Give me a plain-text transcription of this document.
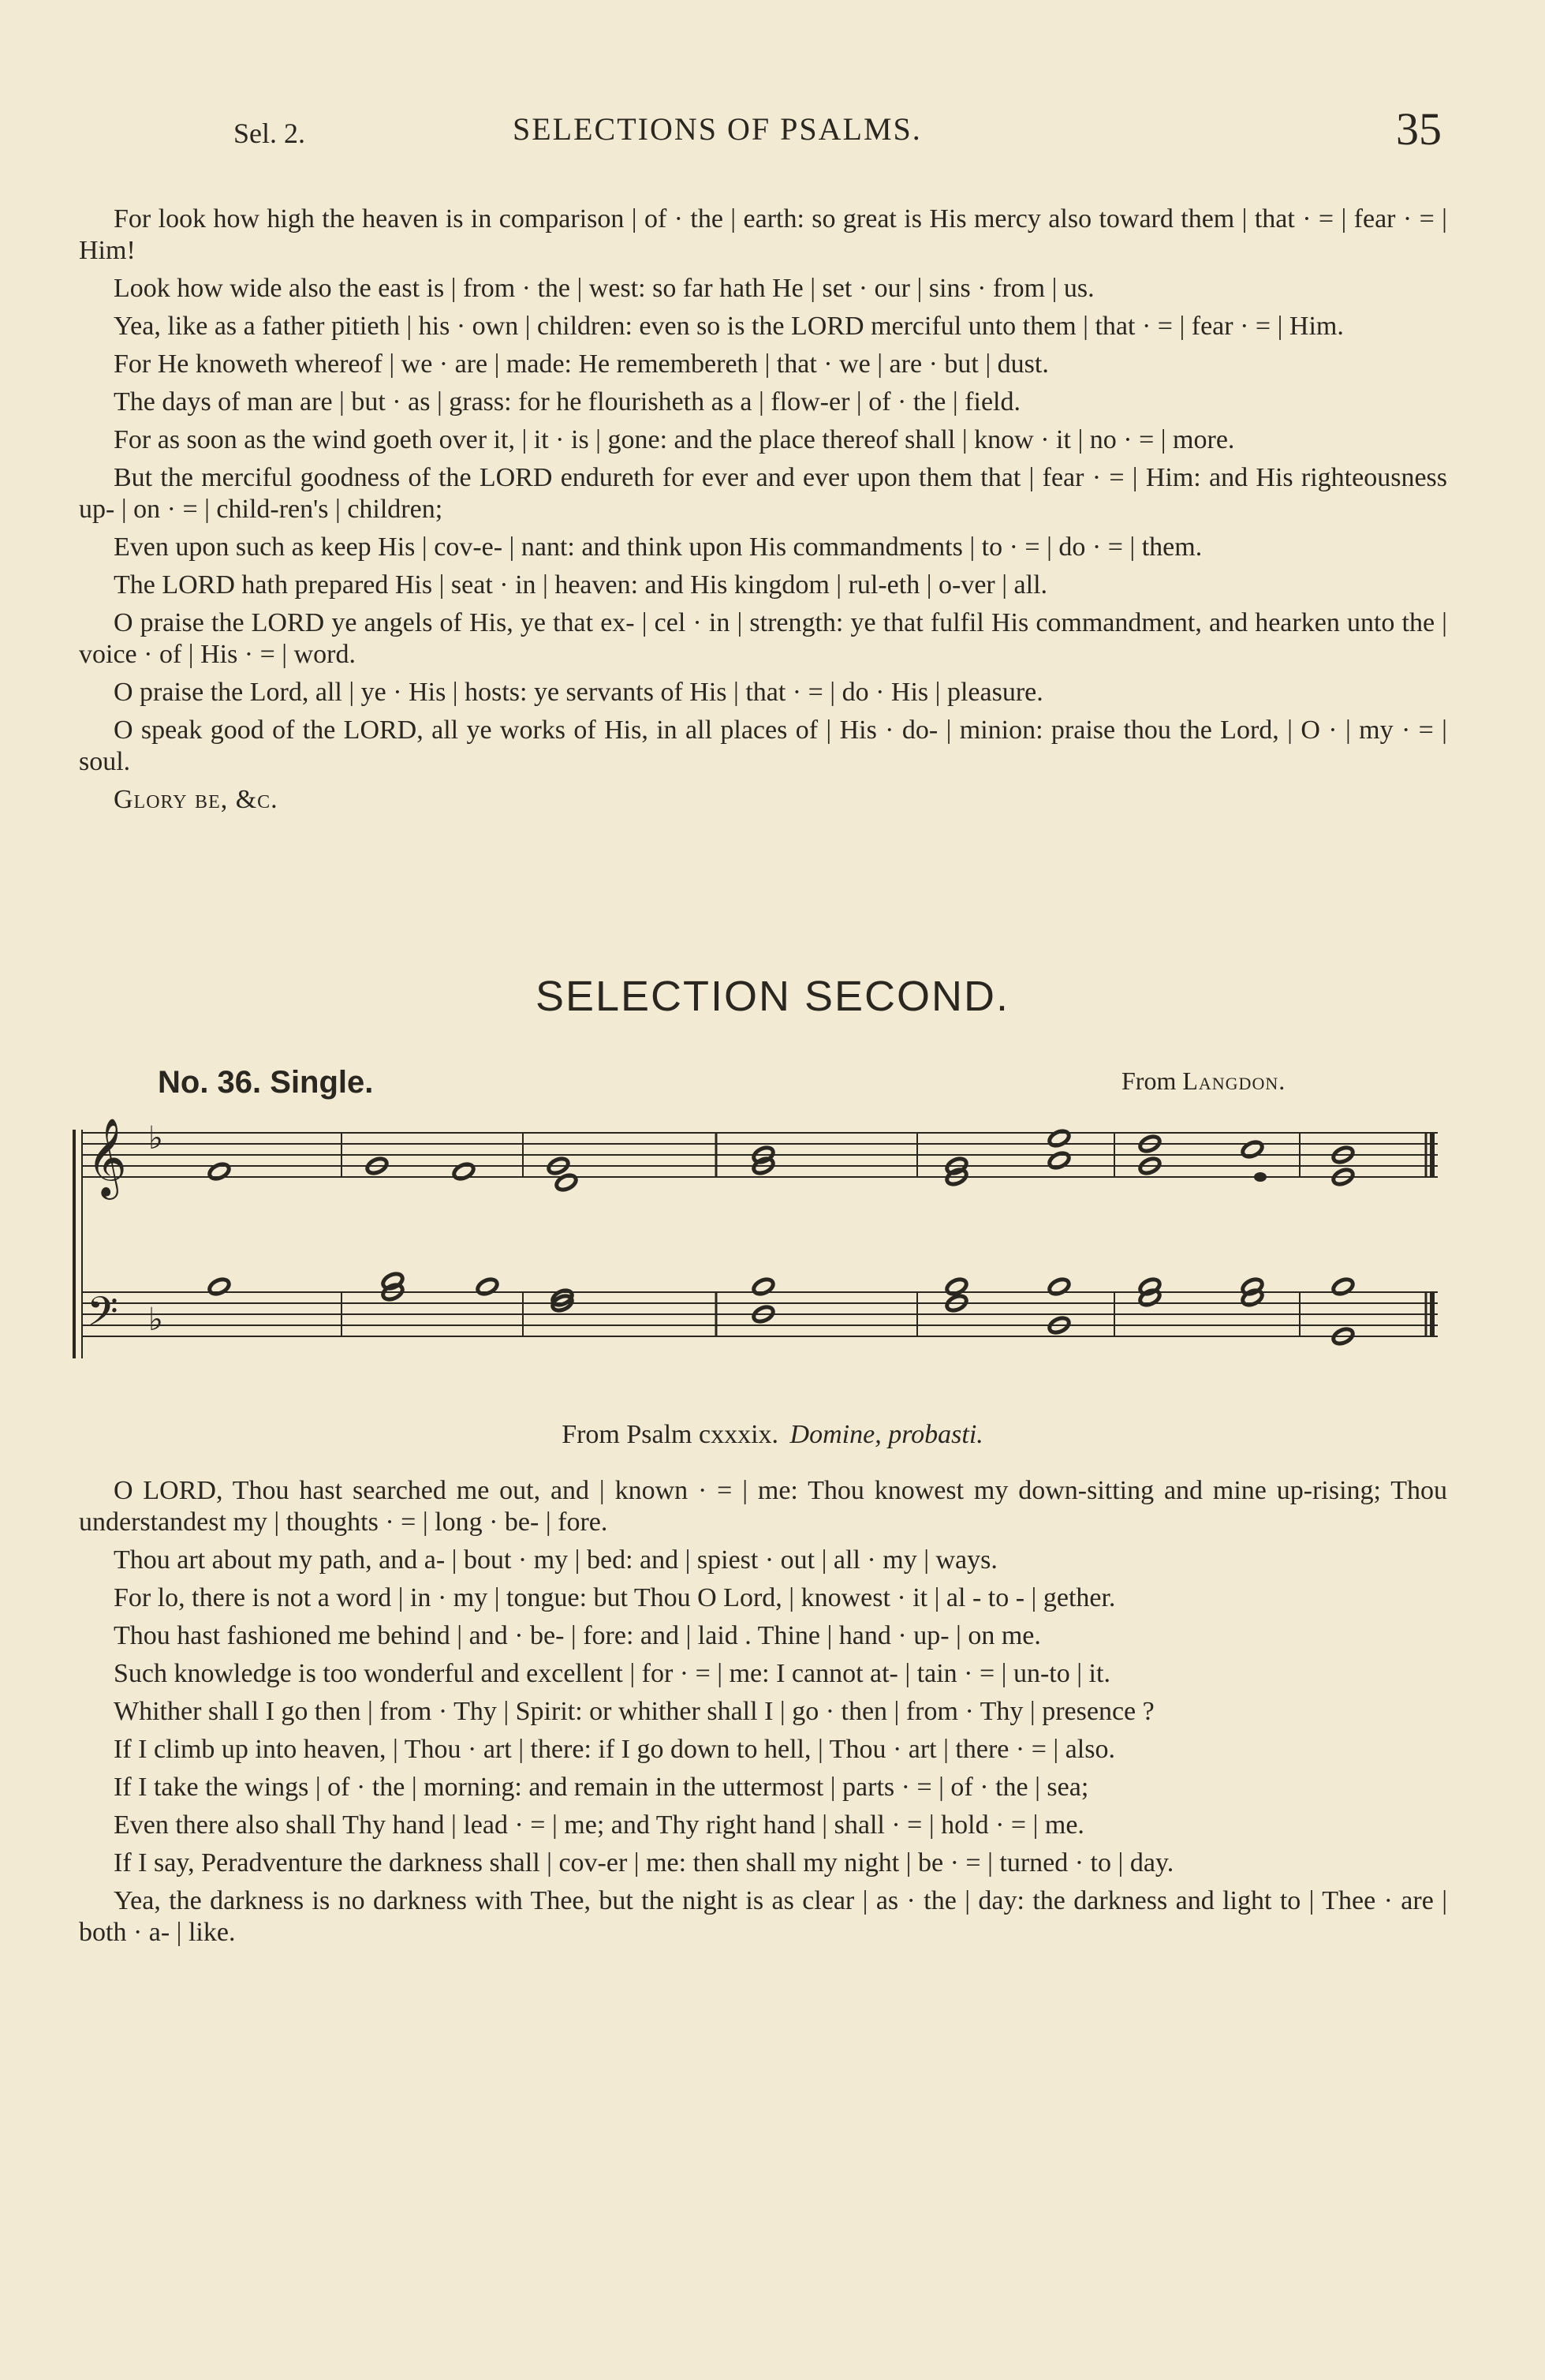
Sel. 2.	SELECTIONS OF PSALMS.	35

For look how high the heaven is in comparison | of · the | earth: so great is His mercy also toward them | that · = | fear · = | Him!

Look how wide also the east is | from · the | west: so far hath He | set · our | sins · from | us.

Yea, like as a father pitieth | his · own | children: even so is the LORD merciful unto them | that · = | fear · = | Him.

For He knoweth whereof | we · are | made: He remembereth | that · we | are · but | dust.

The days of man are | but · as | grass: for he flourisheth as a | flow-er | of · the | field.

For as soon as the wind goeth over it, | it · is | gone: and the place thereof shall | know · it | no · = | more.

But the merciful goodness of the LORD endureth for ever and ever upon them that | fear · = | Him: and His righteousness up- | on · = | child-ren's | children;

Even upon such as keep His | cov-e- | nant: and think upon His commandments | to · = | do · = | them.

The LORD hath prepared His | seat · in | heaven: and His kingdom | rul-eth | o-ver | all.

O praise the LORD ye angels of His, ye that ex- | cel · in | strength: ye that fulfil His commandment, and hearken unto the | voice · of | His · = | word.

O praise the Lord, all | ye · His | hosts: ye servants of His | that · = | do · His | pleasure.

O speak good of the LORD, all ye works of His, in all places of | His · do- | minion: praise thou the Lord, | O · | my · = | soul.

Glory be, &c.

SELECTION SECOND.
No. 36. Single.	From Langdon.
𝄞
𝄢
♭
♭
From Psalm cxxxix. Domine, probasti.

O LORD, Thou hast searched me out, and | known · = | me: Thou knowest my down-sitting and mine up-rising; Thou understandest my | thoughts · = | long · be- | fore.

Thou art about my path, and a- | bout · my | bed: and | spiest · out | all · my | ways.

For lo, there is not a word | in · my | tongue: but Thou O Lord, | knowest · it | al - to - | gether.

Thou hast fashioned me behind | and · be- | fore: and | laid . Thine | hand · up- | on me.

Such knowledge is too wonderful and excellent | for · = | me: I cannot at- | tain · = | un-to | it.

Whither shall I go then | from · Thy | Spirit: or whither shall I | go · then | from · Thy | presence ?

If I climb up into heaven, | Thou · art | there: if I go down to hell, | Thou · art | there · = | also.

If I take the wings | of · the | morning: and remain in the uttermost | parts · = | of · the | sea;

Even there also shall Thy hand | lead · = | me; and Thy right hand | shall · = | hold · = | me.

If I say, Peradventure the darkness shall | cov-er | me: then shall my night | be · = | turned · to | day.

Yea, the darkness is no darkness with Thee, but the night is as clear | as · the | day: the darkness and light to | Thee · are | both · a- | like.
